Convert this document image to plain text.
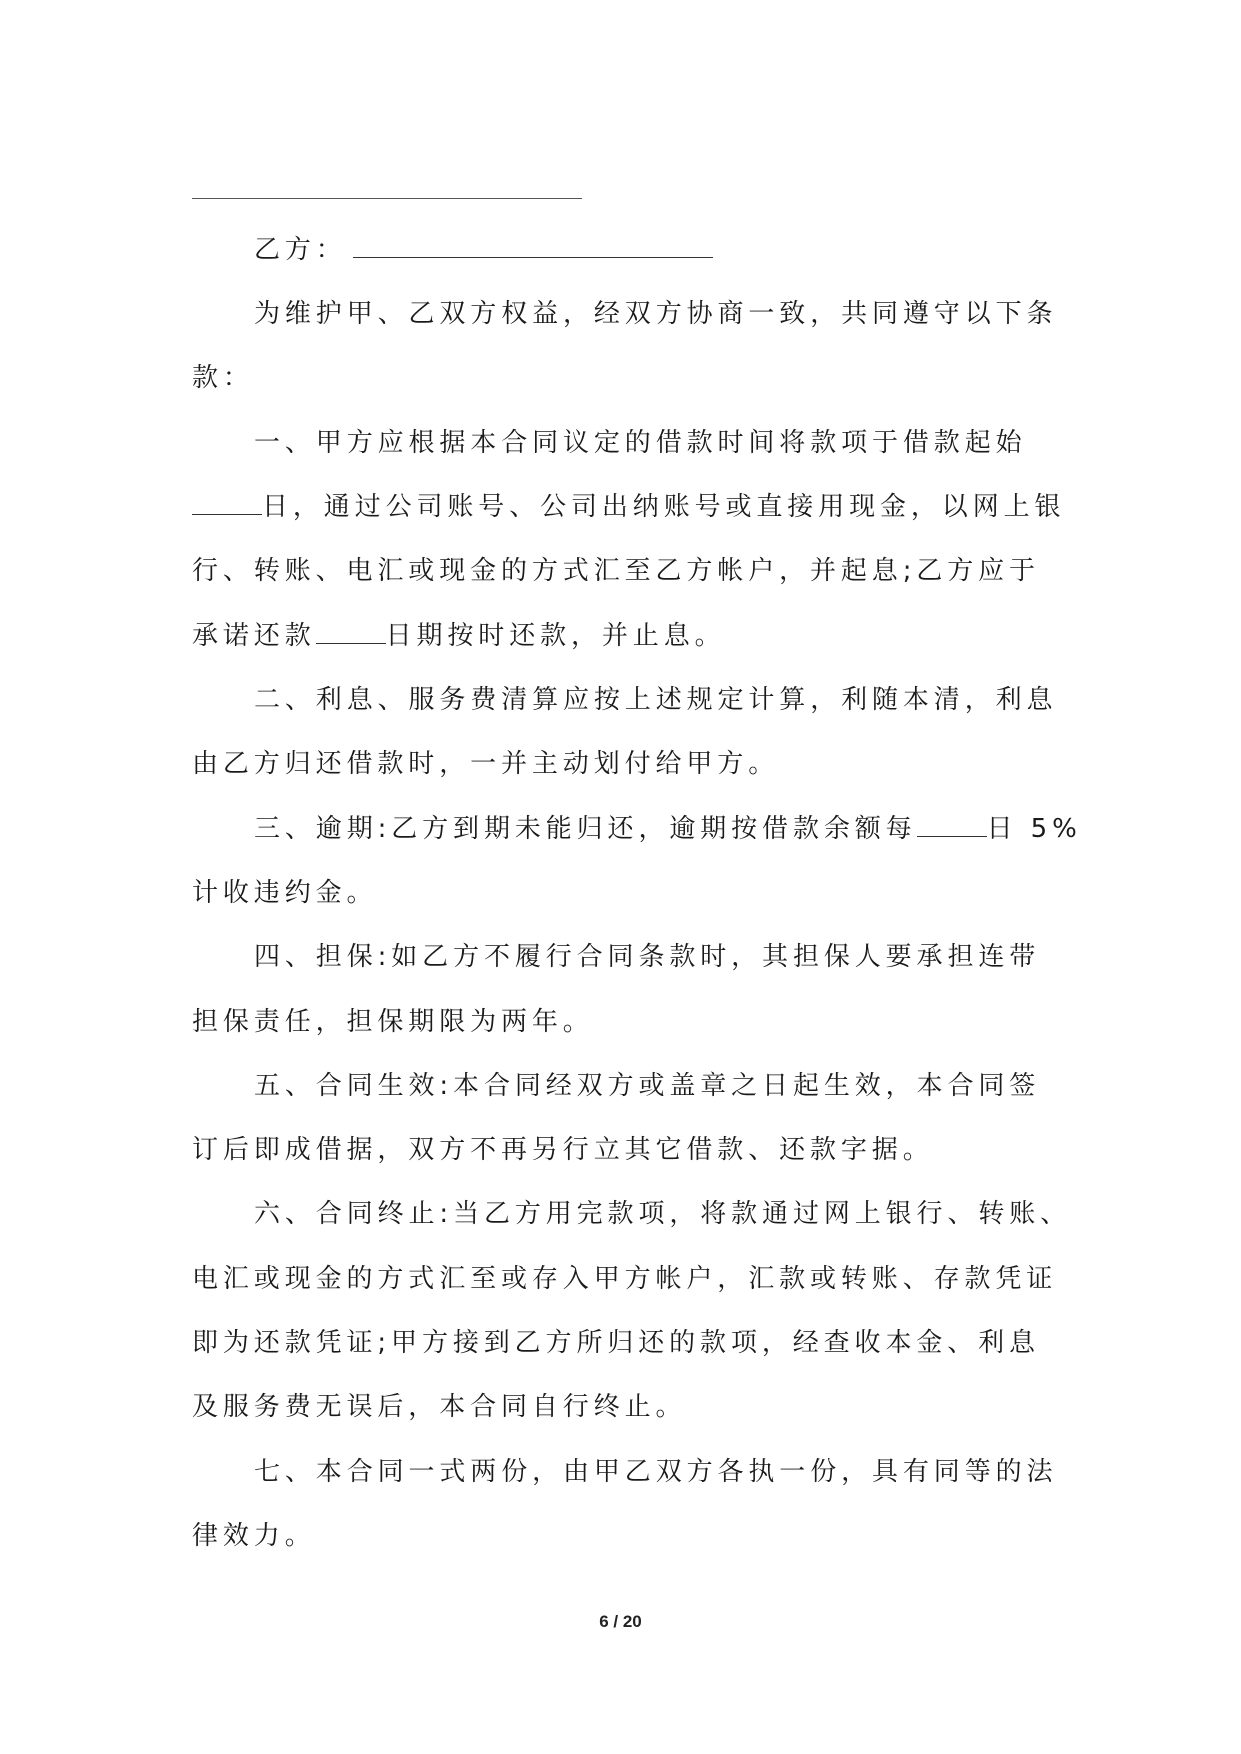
乙方：
为维护甲、乙双方权益，经双方协商一致，共同遵守以下条
款：
一、甲方应根据本合同议定的借款时间将款项于借款起始
日，通过公司账号、公司出纳账号或直接用现金，以网上银
行、转账、电汇或现金的方式汇至乙方帐户，并起息;乙方应于
承诺还款	日期按时还款，并止息。
二、利息、服务费清算应按上述规定计算，利随本清，利息
由乙方归还借款时，一并主动划付给甲方。
三、逾期:乙方到期未能归还，逾期按借款余额每	日 5%
计收违约金。
四、担保:如乙方不履行合同条款时，其担保人要承担连带
担保责任，担保期限为两年。
五、合同生效:本合同经双方或盖章之日起生效，本合同签
订后即成借据，双方不再另行立其它借款、还款字据。
六、合同终止:当乙方用完款项，将款通过网上银行、转账、
电汇或现金的方式汇至或存入甲方帐户，汇款或转账、存款凭证
即为还款凭证;甲方接到乙方所归还的款项，经查收本金、利息
及服务费无误后，本合同自行终止。
七、本合同一式两份，由甲乙双方各执一份，具有同等的法
律效力。
6 / 20
